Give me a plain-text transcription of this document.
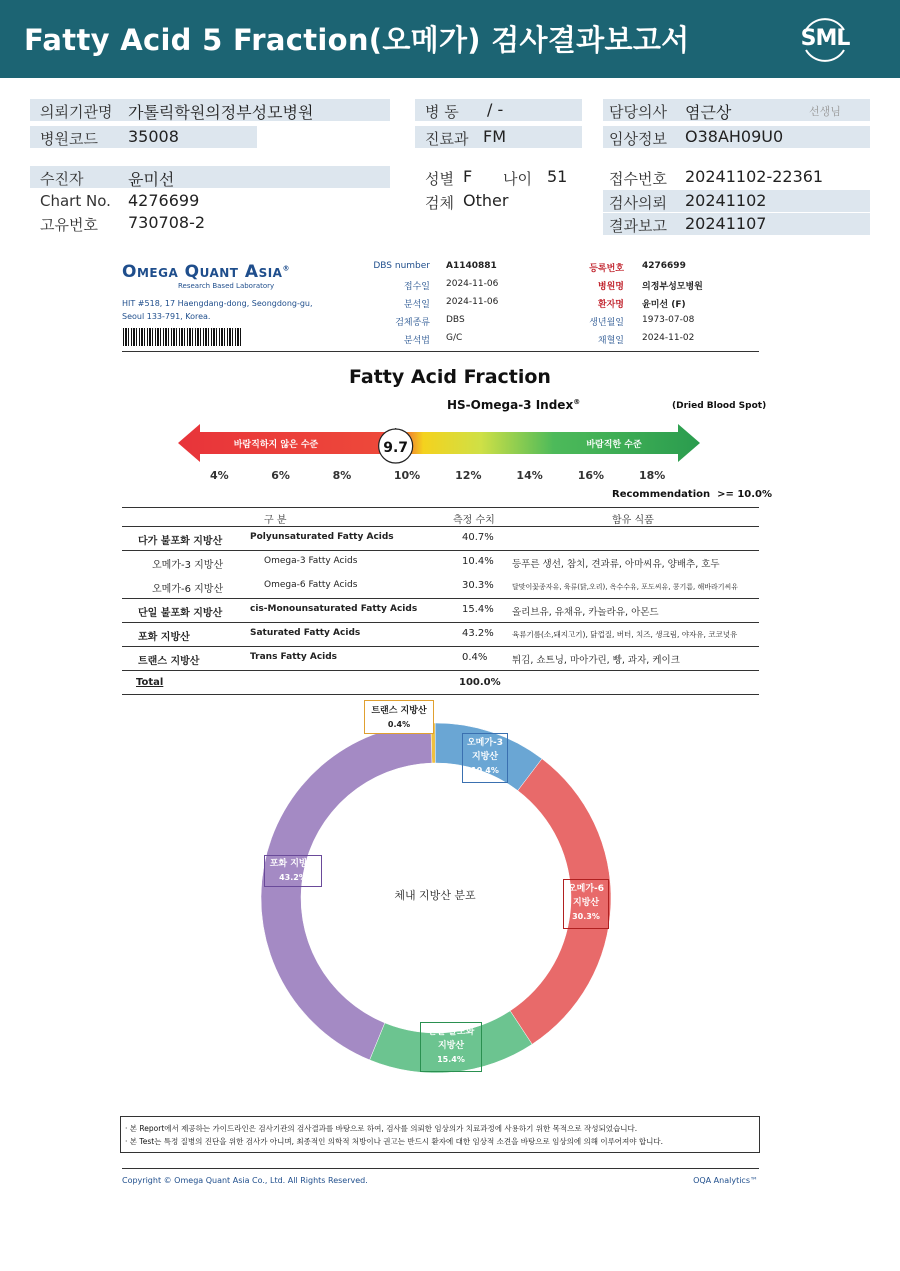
Fatty Acid 5 Fraction(오메가) 검사결과보고서	SML
의뢰기관명 가톨릭학원의정부성모병원
병원코드 35008
병 동 / -
진료과 FM
담당의사 염근상	선생님
임상정보 O38AH09U0
수진자	윤미선
Chart No. 4276699
고유번호 730708-2
성별 F 나이 51
검체 Other
접수번호 20241102-22361
검사의뢰 20241102
결과보고 20241107
Omega Quant Asia®
Research Based Laboratory
HIT #518, 17 Haengdang-dong, Seongdong-gu,
Seoul 133-791, Korea.
DBS number A1140881
접수일 2024-11-06
분석일 2024-11-06
검체종류 DBS
분석법 G/C
등록번호 4276699
병원명 의정부성모병원
환자명 윤미선 (F)
생년월일 1973-07-08
채혈일 2024-11-02
Fatty Acid Fraction
HS-Omega-3 Index®	(Dried Blood Spot)
바람직하지 않은 수준	바람직한 수준
9.7
4%	6%	8%	10%	12%	14%	16%	18%
Recommendation >= 10.0%
구 분	측정 수치	함유 식품
다가 불포화 지방산	Polyunsaturated Fatty Acids	40.7%
오메가-3 지방산	Omega-3 Fatty Acids	10.4% 등푸른 생선, 참치, 견과류, 아마씨유, 양배추, 호두
오메가-6 지방산	Omega-6 Fatty Acids	30.3%	달맞이꽃종자유, 육류(닭,오리), 옥수수유, 포도씨유, 콩기름, 해바라기씨유
단일 불포화 지방산	cis-Monounsaturated Fatty Acids	15.4% 올리브유, 유채유, 카놀라유, 아몬드
포화 지방산	Saturated Fatty Acids	43.2% 육류기름(소,돼지고기), 닭껍질, 버터, 치즈, 생크림, 야자유, 코코넛유
트랜스 지방산	Trans Fatty Acids	0.4%	튀김, 쇼트닝, 마아가린, 빵, 과자, 케이크
Total	100.0%
체내 지방산 분포
트랜스 지방산
0.4%
오메가-3
지방산
10.4%
오메가-6
지방산
30.3%
단일 불포화
지방산
15.4%
포화 지방산
43.2%
· 본 Report에서 제공하는 가이드라인은 검사기관의 검사결과를 바탕으로 하여, 검사를 의뢰한 임상의가 치료과정에 사용하기 위한 목적으로 작성되었습니다.
· 본 Test는 특정 질병의 진단을 위한 검사가 아니며, 최종적인 의학적 처방이나 권고는 반드시 환자에 대한 임상적 소견을 바탕으로 임상의에 의해 이루어져야 합니다.
Copyright © Omega Quant Asia Co., Ltd. All Rights Reserved.	OQA Analytics™
